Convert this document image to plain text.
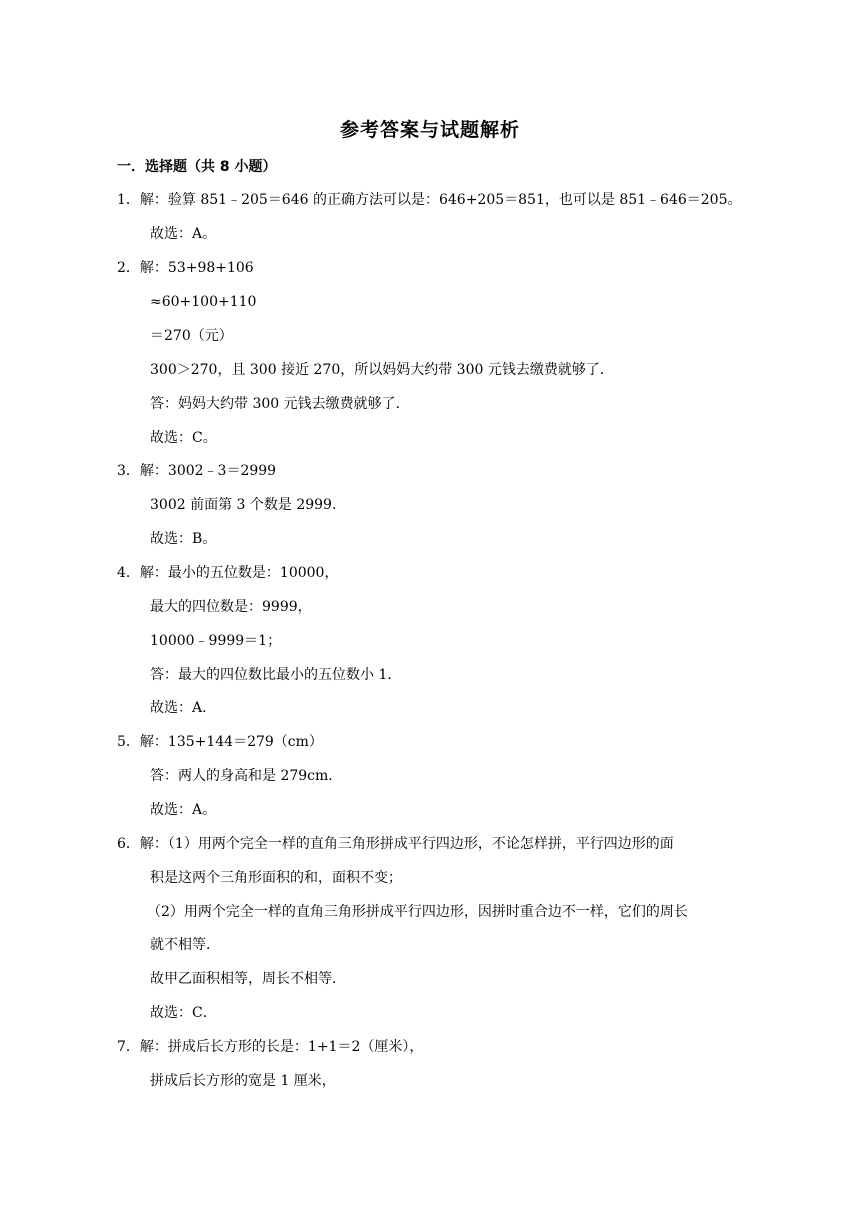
参考答案与试题解析
一．选择题（共 8 小题）
1．解：验算 851﹣205＝646 的正确方法可以是：646+205＝851，也可以是 851﹣646＝205。
故选：A。
2．解：53+98+106
≈60+100+110
＝270（元）
300＞270，且 300 接近 270，所以妈妈大约带 300 元钱去缴费就够了．
答：妈妈大约带 300 元钱去缴费就够了．
故选：C。
3．解：3002﹣3＝2999
3002 前面第 3 个数是 2999．
故选：B。
4．解：最小的五位数是：10000，
最大的四位数是：9999，
10000﹣9999＝1；
答：最大的四位数比最小的五位数小 1．
故选：A．
5．解：135+144＝279（cm）
答：两人的身高和是 279cm．
故选：A。
6．解：（1）用两个完全一样的直角三角形拼成平行四边形，不论怎样拼，平行四边形的面
积是这两个三角形面积的和，面积不变；
（2）用两个完全一样的直角三角形拼成平行四边形，因拼时重合边不一样，它们的周长
就不相等．
故甲乙面积相等，周长不相等．
故选：C．
7．解：拼成后长方形的长是：1+1＝2（厘米），
拼成后长方形的宽是 1 厘米，
